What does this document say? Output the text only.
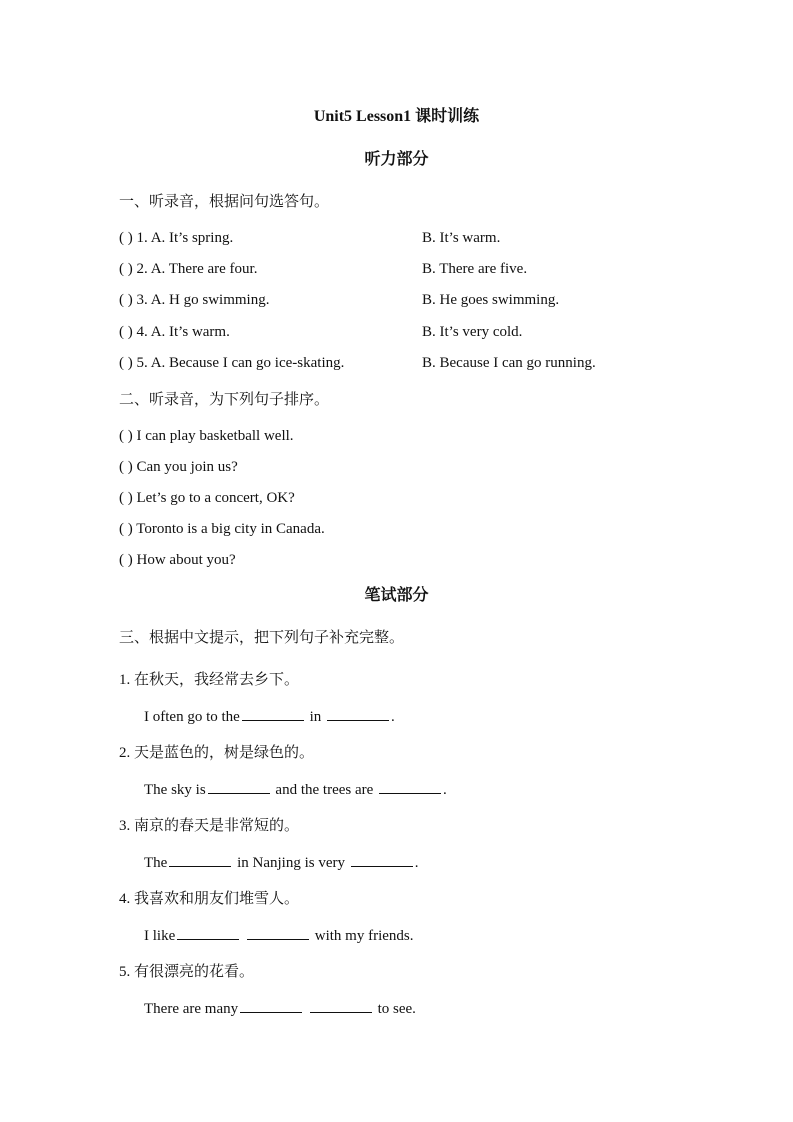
Unit5 Lesson1 课时训练
听力部分
一、听录音，根据问句选答句。
( ) 1. A. It’s spring.	B. It’s warm.
( ) 2. A. There are four.	B. There are five.
( ) 3. A. H go swimming.	B. He goes swimming.
( ) 4. A. It’s warm.	B. It’s very cold.
( ) 5. A. Because I can go ice-skating.	B. Because I can go running.
二、听录音，为下列句子排序。
( ) I can play basketball well.
( ) Can you join us?
( ) Let’s go to a concert, OK?
( ) Toronto is a big city in Canada.
( ) How about you?
笔试部分
三、根据中文提示，把下列句子补充完整。
1. 在秋天，我经常去乡下。
I often go to the	in	.
2. 天是蓝色的，树是绿色的。
The sky is	and the trees are	.
3. 南京的春天是非常短的。
The	in Nanjing is very	.
4. 我喜欢和朋友们堆雪人。
I like	with my friends.
5. 有很漂亮的花看。
There are many	to see.
